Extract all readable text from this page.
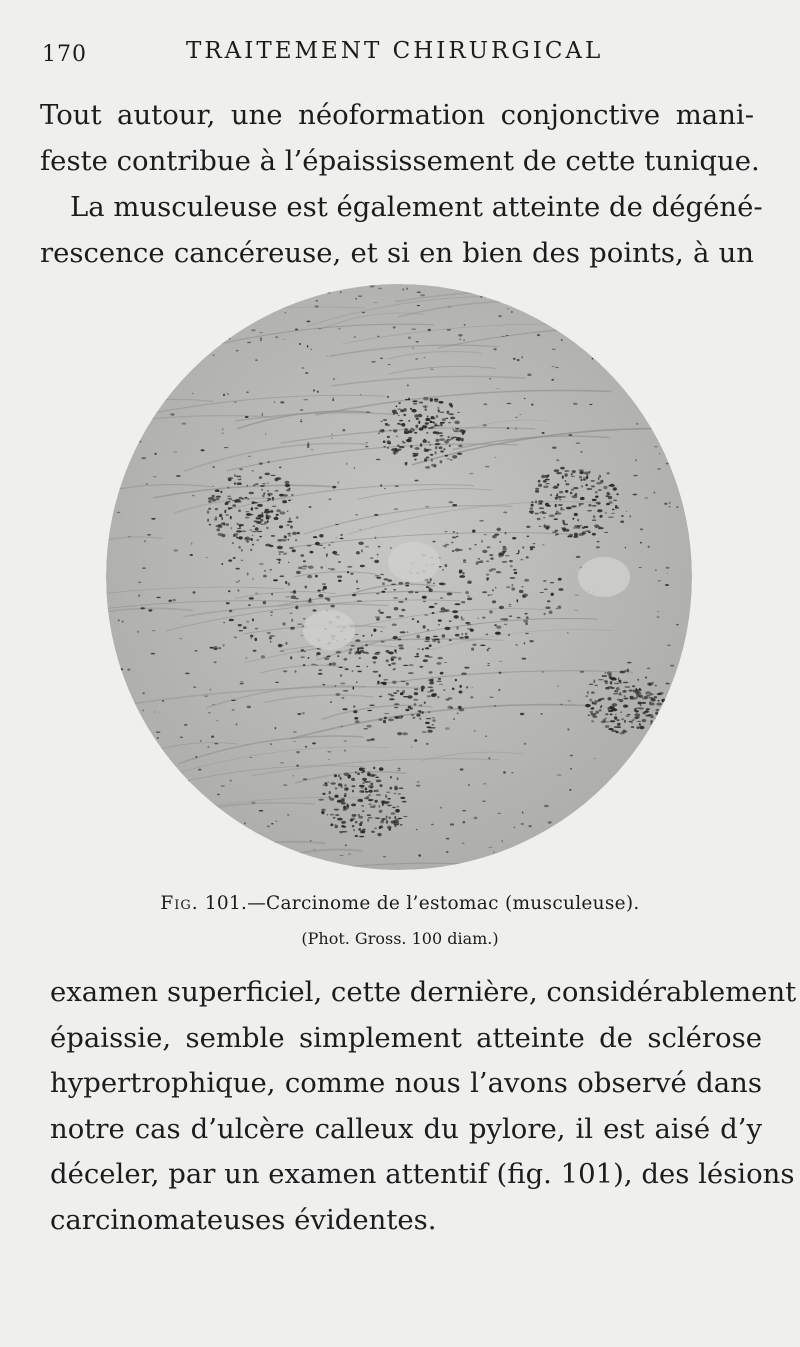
170	TRAITEMENT CHIRURGICAL
Tout autour, une néoformation conjonctive mani-
feste contribue à l’épaississement de cette tunique.
La musculeuse est également atteinte de dégéné-
rescence cancéreuse, et si en bien des points, à un
Fig. 101.—Carcinome de l’estomac (musculeuse).
(Phot. Gross. 100 diam.)
examen superficiel, cette dernière, considérablement
épaissie, semble simplement atteinte de sclérose
hypertrophique, comme nous l’avons observé dans
notre cas d’ulcère calleux du pylore, il est aisé d’y
déceler, par un examen attentif (fig. 101), des lésions
carcinomateuses évidentes.
